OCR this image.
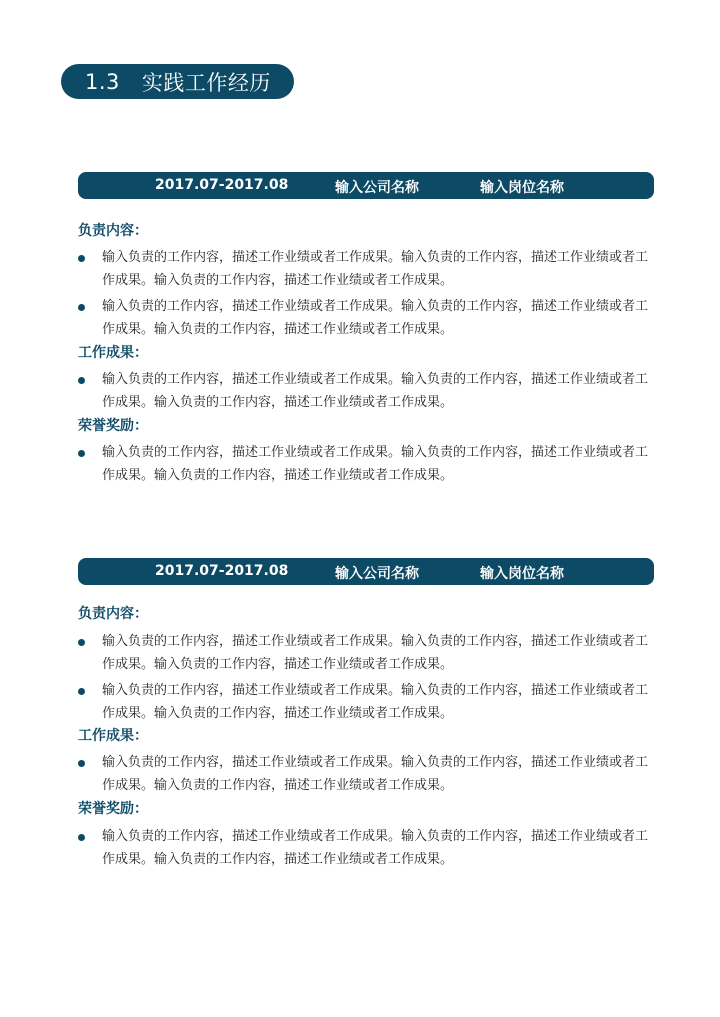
1.3 实践工作经历
2017.07-2017.08	输入公司名称	输入岗位名称
负责内容：
输入负责的工作内容，描述工作业绩或者工作成果。输入负责的工作内容，描述工作业绩或者工作成果。输入负责的工作内容，描述工作业绩或者工作成果。
输入负责的工作内容，描述工作业绩或者工作成果。输入负责的工作内容，描述工作业绩或者工作成果。输入负责的工作内容，描述工作业绩或者工作成果。
工作成果：
输入负责的工作内容，描述工作业绩或者工作成果。输入负责的工作内容，描述工作业绩或者工作成果。输入负责的工作内容，描述工作业绩或者工作成果。
荣誉奖励：
输入负责的工作内容，描述工作业绩或者工作成果。输入负责的工作内容，描述工作业绩或者工作成果。输入负责的工作内容，描述工作业绩或者工作成果。
2017.07-2017.08	输入公司名称	输入岗位名称
负责内容：
输入负责的工作内容，描述工作业绩或者工作成果。输入负责的工作内容，描述工作业绩或者工作成果。输入负责的工作内容，描述工作业绩或者工作成果。
输入负责的工作内容，描述工作业绩或者工作成果。输入负责的工作内容，描述工作业绩或者工作成果。输入负责的工作内容，描述工作业绩或者工作成果。
工作成果：
输入负责的工作内容，描述工作业绩或者工作成果。输入负责的工作内容，描述工作业绩或者工作成果。输入负责的工作内容，描述工作业绩或者工作成果。
荣誉奖励：
输入负责的工作内容，描述工作业绩或者工作成果。输入负责的工作内容，描述工作业绩或者工作成果。输入负责的工作内容，描述工作业绩或者工作成果。
